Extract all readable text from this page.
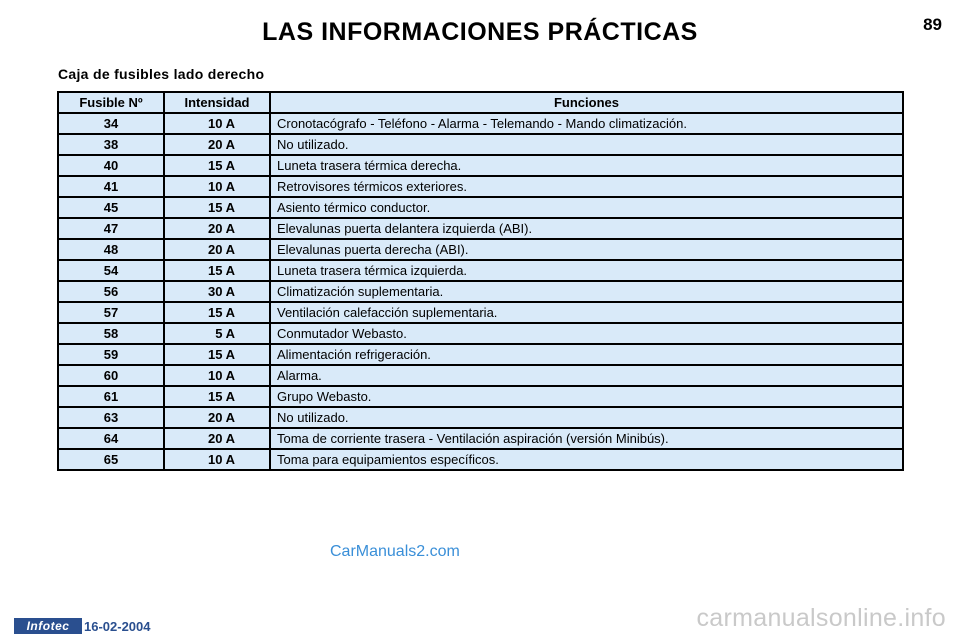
LAS INFORMACIONES PRÁCTICAS	89
Caja de fusibles lado derecho
Fusible Nº	Intensidad	Funciones
34	10 A	Cronotacógrafo - Teléfono - Alarma - Telemando - Mando climatización.
38	20 A	No utilizado.
40	15 A	Luneta trasera térmica derecha.
41	10 A	Retrovisores térmicos exteriores.
45	15 A	Asiento térmico conductor.
47	20 A	Elevalunas puerta delantera izquierda (ABI).
48	20 A	Elevalunas puerta derecha (ABI).
54	15 A	Luneta trasera térmica izquierda.
56	30 A	Climatización suplementaria.
57	15 A	Ventilación calefacción suplementaria.
58	5 A	Conmutador Webasto.
59	15 A	Alimentación refrigeración.
60	10 A	Alarma.
61	15 A	Grupo Webasto.
63	20 A	No utilizado.
64	20 A	Toma de corriente trasera - Ventilación aspiración (versión Minibús).
65	10 A	Toma para equipamientos específicos.
CarManuals2.com
Infotec	16-02-2004	carmanualsonline.info
